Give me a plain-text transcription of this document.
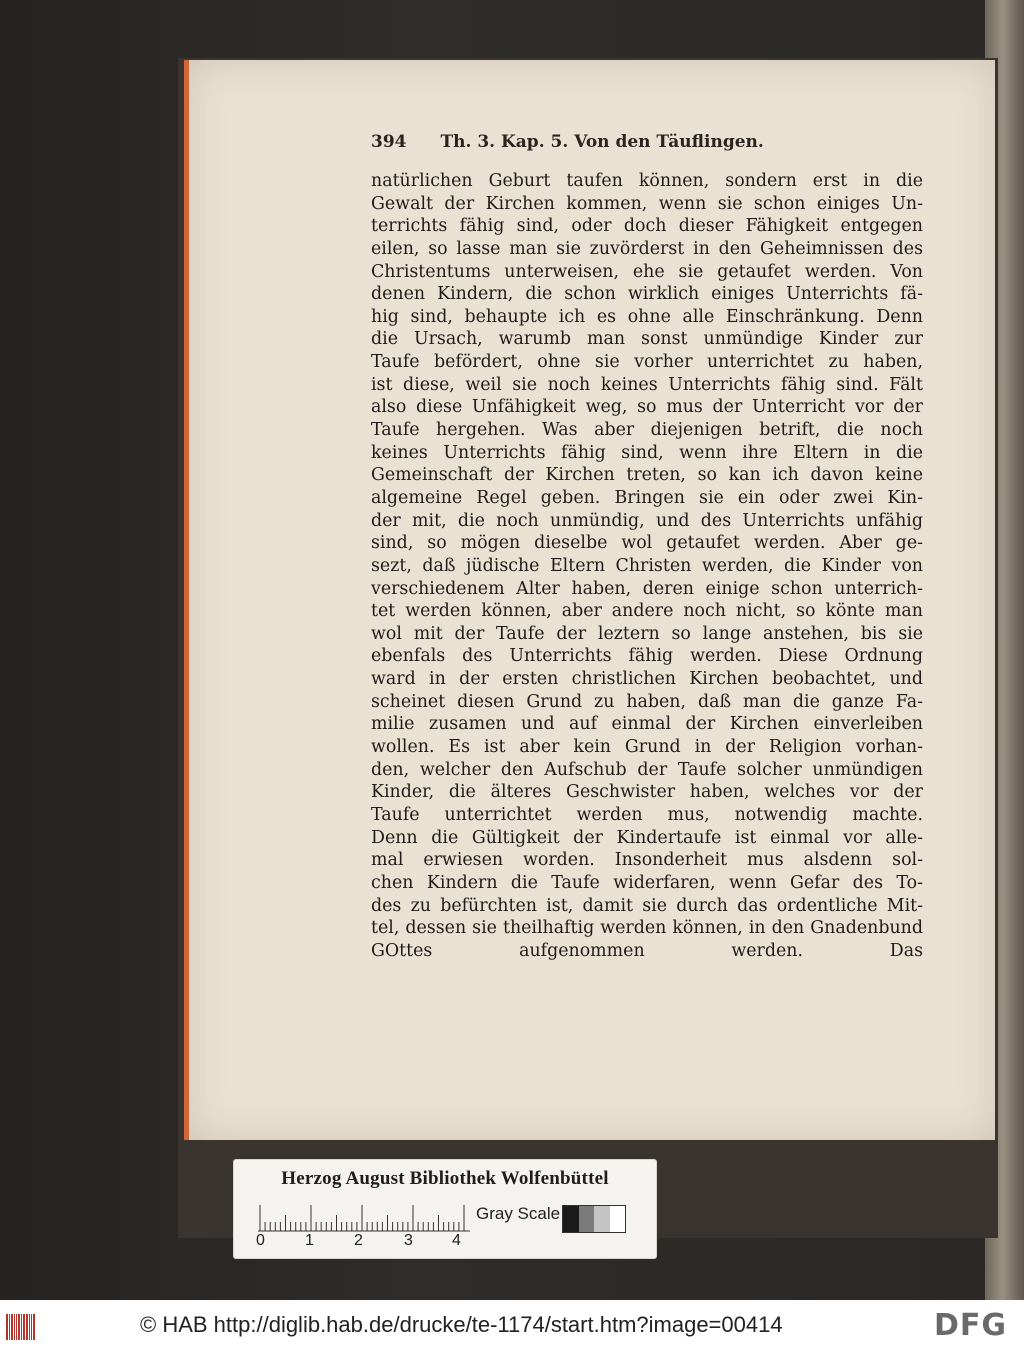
394 Th. 3. Kap. 5. Von den Täuflingen.
natürlichen Geburt taufen können, sondern erst in die
Gewalt der Kirchen kommen, wenn sie schon einiges Un-
terrichts fähig sind, oder doch dieser Fähigkeit entgegen
eilen, so lasse man sie zuvörderst in den Geheimnissen des
Christentums unterweisen, ehe sie getaufet werden. Von
denen Kindern, die schon wirklich einiges Unterrichts fä-
hig sind, behaupte ich es ohne alle Einschränkung. Denn
die Ursach, warumb man sonst unmündige Kinder zur
Taufe befördert, ohne sie vorher unterrichtet zu haben,
ist diese, weil sie noch keines Unterrichts fähig sind. Fält
also diese Unfähigkeit weg, so mus der Unterricht vor der
Taufe hergehen. Was aber diejenigen betrift, die noch
keines Unterrichts fähig sind, wenn ihre Eltern in die
Gemeinschaft der Kirchen treten, so kan ich davon keine
algemeine Regel geben. Bringen sie ein oder zwei Kin-
der mit, die noch unmündig, und des Unterrichts unfähig
sind, so mögen dieselbe wol getaufet werden. Aber ge-
sezt, daß jüdische Eltern Christen werden, die Kinder von
verschiedenem Alter haben, deren einige schon unterrich-
tet werden können, aber andere noch nicht, so könte man
wol mit der Taufe der leztern so lange anstehen, bis sie
ebenfals des Unterrichts fähig werden. Diese Ordnung
ward in der ersten christlichen Kirchen beobachtet, und
scheinet diesen Grund zu haben, daß man die ganze Fa-
milie zusamen und auf einmal der Kirchen einverleiben
wollen. Es ist aber kein Grund in der Religion vorhan-
den, welcher den Aufschub der Taufe solcher unmündigen
Kinder, die älteres Geschwister haben, welches vor der
Taufe unterrichtet werden mus, notwendig machte.
Denn die Gültigkeit der Kindertaufe ist einmal vor alle-
mal erwiesen worden. Insonderheit mus alsdenn sol-
chen Kindern die Taufe widerfaren, wenn Gefar des To-
des zu befürchten ist, damit sie durch das ordentliche Mit-
tel, dessen sie theilhaftig werden können, in den Gnadenbund
GOttes aufgenommen werden. Das
Herzog August Bibliothek Wolfenbüttel
0	1	2	3 4
Gray Scale
© HAB http://diglib.hab.de/drucke/te-1174/start.htm?image=00414	DFG
